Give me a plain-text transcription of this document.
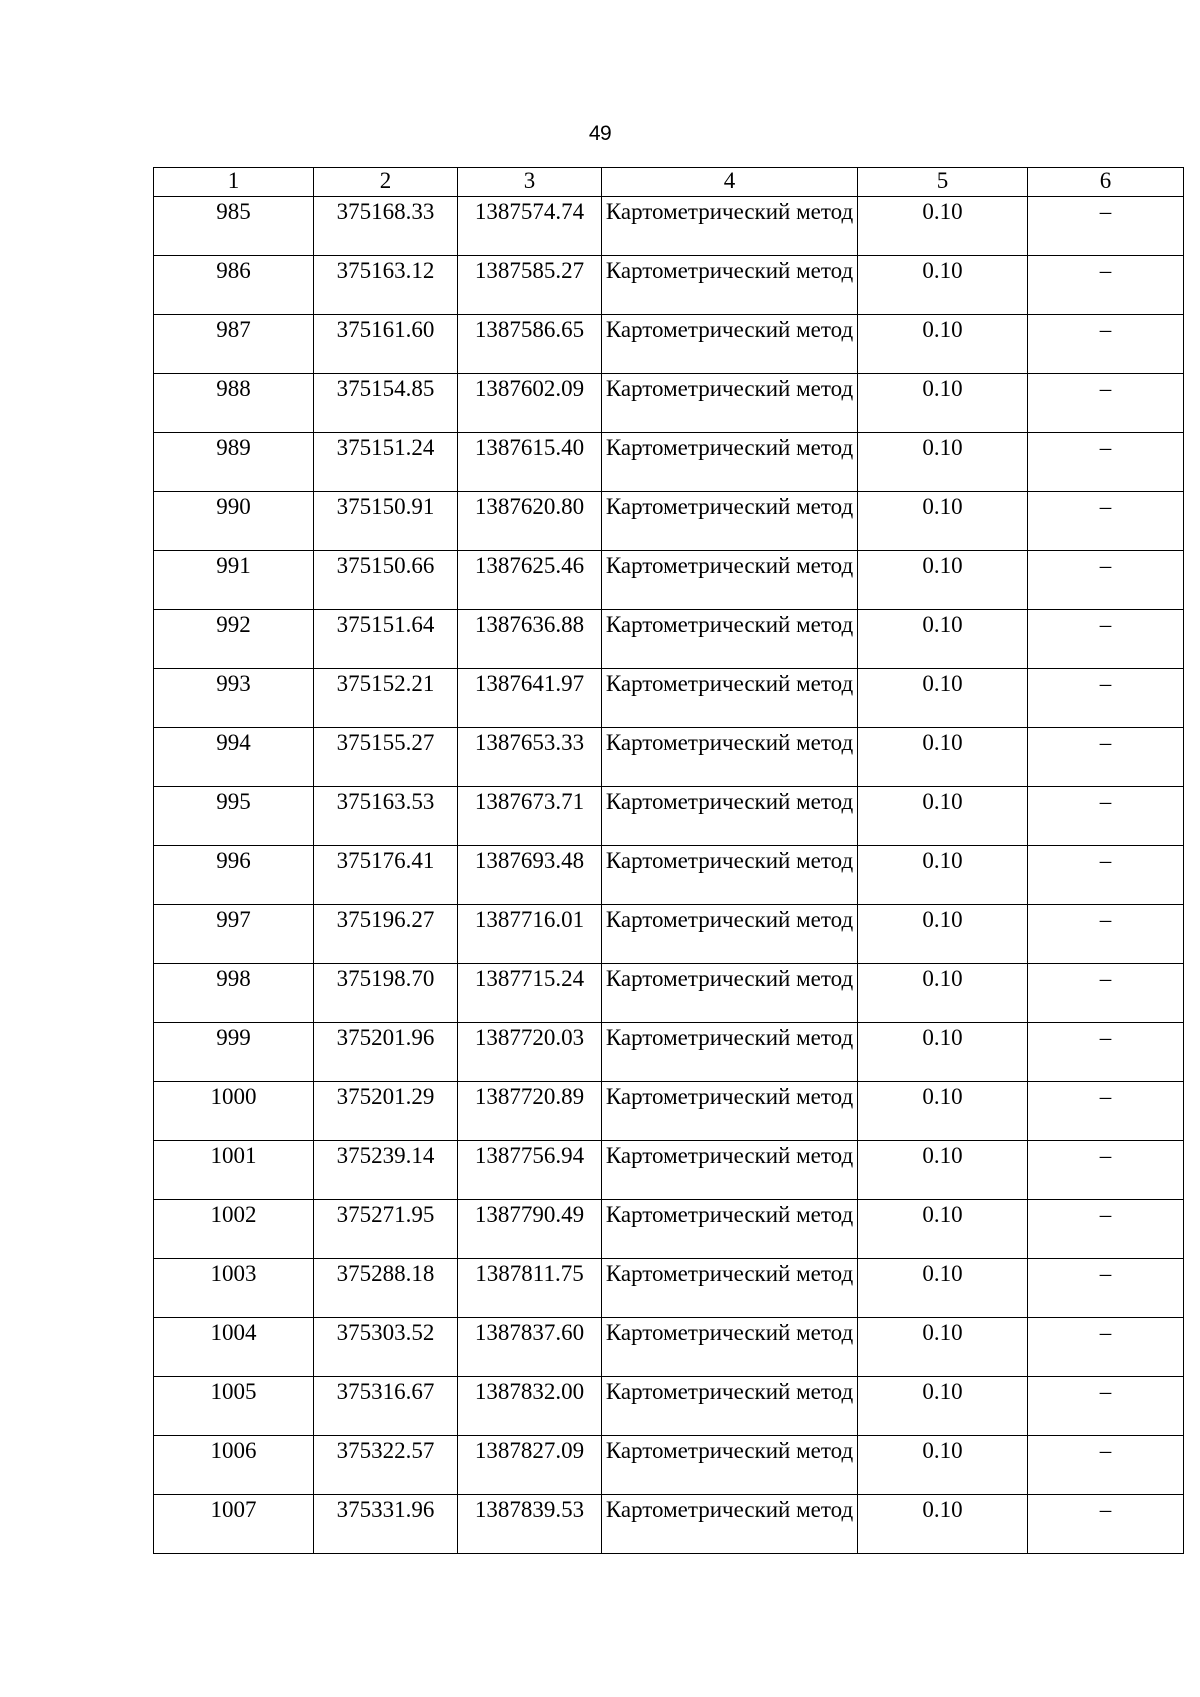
49
1	2	3	4	5	6
985	375168.33	1387574.74	Картометрический метод	0.10	–
986	375163.12	1387585.27	Картометрический метод	0.10	–
987	375161.60	1387586.65	Картометрический метод	0.10	–
988	375154.85	1387602.09	Картометрический метод	0.10	–
989	375151.24	1387615.40	Картометрический метод	0.10	–
990	375150.91	1387620.80	Картометрический метод	0.10	–
991	375150.66	1387625.46	Картометрический метод	0.10	–
992	375151.64	1387636.88	Картометрический метод	0.10	–
993	375152.21	1387641.97	Картометрический метод	0.10	–
994	375155.27	1387653.33	Картометрический метод	0.10	–
995	375163.53	1387673.71	Картометрический метод	0.10	–
996	375176.41	1387693.48	Картометрический метод	0.10	–
997	375196.27	1387716.01	Картометрический метод	0.10	–
998	375198.70	1387715.24	Картометрический метод	0.10	–
999	375201.96	1387720.03	Картометрический метод	0.10	–
1000	375201.29	1387720.89	Картометрический метод	0.10	–
1001	375239.14	1387756.94	Картометрический метод	0.10	–
1002	375271.95	1387790.49	Картометрический метод	0.10	–
1003	375288.18	1387811.75	Картометрический метод	0.10	–
1004	375303.52	1387837.60	Картометрический метод	0.10	–
1005	375316.67	1387832.00	Картометрический метод	0.10	–
1006	375322.57	1387827.09	Картометрический метод	0.10	–
1007	375331.96	1387839.53	Картометрический метод	0.10	–
